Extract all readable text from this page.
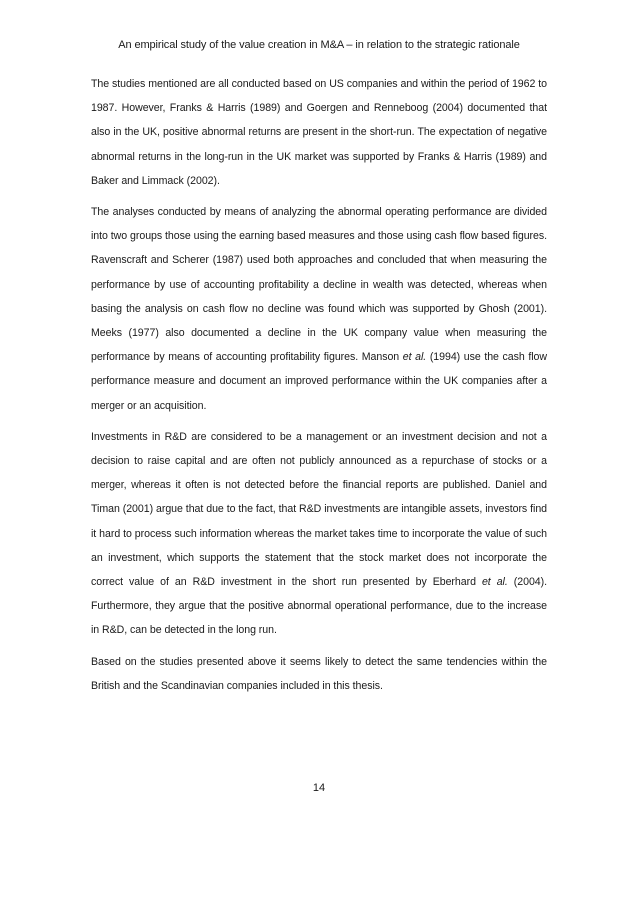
An empirical study of the value creation in M&A – in relation to the strategic rationale

The studies mentioned are all conducted based on US companies and within the period of 1962 to 1987. However, Franks & Harris (1989) and Goergen and Renneboog (2004) documented that also in the UK, positive abnormal returns are present in the short-run. The expectation of negative abnormal returns in the long-run in the UK market was supported by Franks & Harris (1989) and Baker and Limmack (2002).

The analyses conducted by means of analyzing the abnormal operating performance are divided into two groups those using the earning based measures and those using cash flow based figures. Ravenscraft and Scherer (1987) used both approaches and concluded that when measuring the performance by use of accounting profitability a decline in wealth was detected, whereas when basing the analysis on cash flow no decline was found which was supported by Ghosh (2001). Meeks (1977) also documented a decline in the UK company value when measuring the performance by means of accounting profitability figures. Manson et al. (1994) use the cash flow performance measure and document an improved performance within the UK companies after a merger or an acquisition.

Investments in R&D are considered to be a management or an investment decision and not a decision to raise capital and are often not publicly announced as a repurchase of stocks or a merger, whereas it often is not detected before the financial reports are published. Daniel and Timan (2001) argue that due to the fact, that R&D investments are intangible assets, investors find it hard to process such information whereas the market takes time to incorporate the value of such an investment, which supports the statement that the stock market does not incorporate the correct value of an R&D investment in the short run presented by Eberhard et al. (2004). Furthermore, they argue that the positive abnormal operational performance, due to the increase in R&D, can be detected in the long run.

Based on the studies presented above it seems likely to detect the same tendencies within the British and the Scandinavian companies included in this thesis.

14
